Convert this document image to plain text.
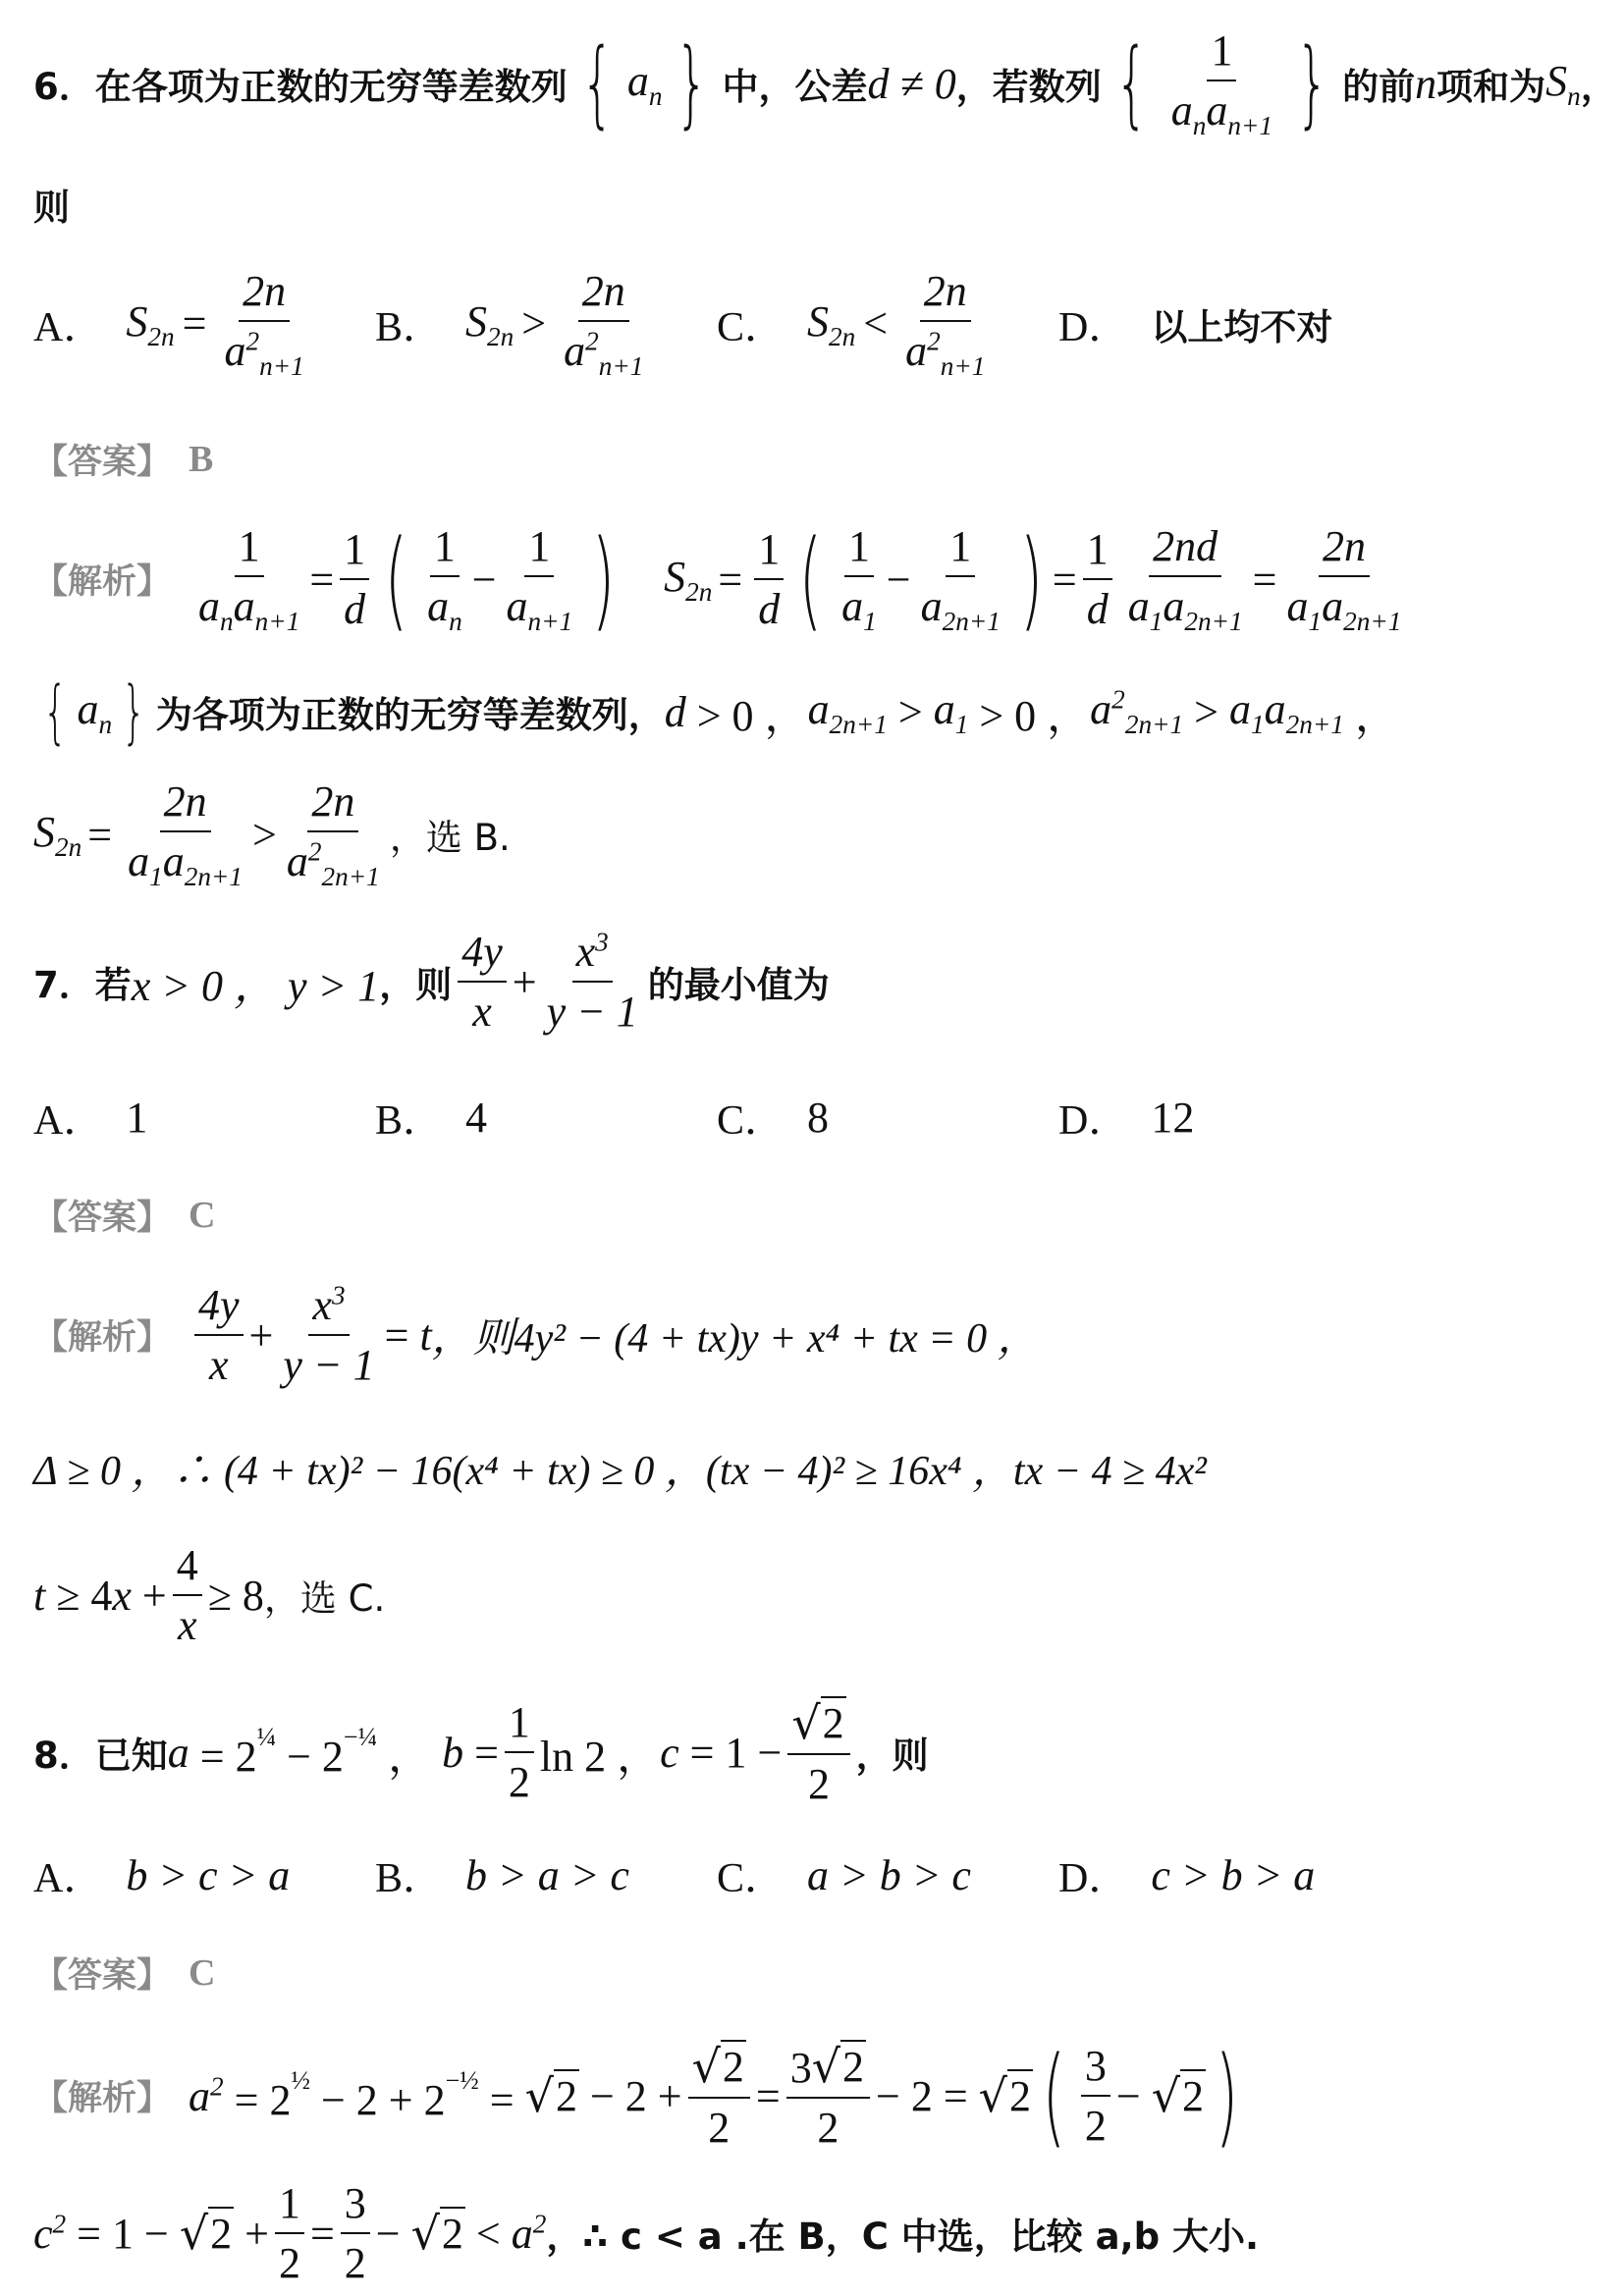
6．在各项为正数的无穷等差数列 { $a_n$ } 中，公差 d ≠ 0 ，若数列 { $\frac{1}{a_na_{n+1}}$ } 的前 n 项和为 $S_n$ ，
则
A． $S_{2n} = \frac{2n}{a^2_{n+1}}$ B． $S_{2n} > \frac{2n}{a^2_{n+1}}$ C． $S_{2n} < \frac{2n}{a^2_{n+1}}$ D． 以上均不对
【答案】 B
【解析】 $\frac{1}{a_na_{n+1}} = \frac{1}{d}$ ( $\frac{1}{a_n} - \frac{1}{a_{n+1}}$ ) $S_{2n} = \frac{1}{d}$ ( $\frac{1}{a_1} - \frac{1}{a_{2n+1}}$ ) = $\frac{1}{d} \frac{2nd}{a_1a_{2n+1}} = \frac{2n}{a_1a_{2n+1}}$
{ $a_n$ } 为各项为正数的无穷等差数列， d > 0 ， $a_{2n+1} > a_1 > 0$ ， $a^2_{2n+1} > a_1a_{2n+1}$ ，
$S_{2n} = \frac{2n}{a_1a_{2n+1}} > \frac{2n}{a^2_{2n+1}}$ ，选 B.
7．若 x > 0 ， y > 1 ，则 $\frac{4y}{x} + \frac{x^3}{y - 1}$ 的最小值为
A． 1	B． 4	C． 8	D． 12
【答案】 C
【解析】 $\frac{4y}{x} + \frac{x^3}{y - 1} = t$ ，则4y² − (4 + tx)y + x⁴ + tx = 0 ，
Δ ≥ 0 ，∴ (4 + tx)² − 16(x⁴ + tx) ≥ 0 ，(tx − 4)² ≥ 16x⁴ ，tx − 4 ≥ 4x²
t ≥ 4 $x + \frac{4}{x} \ge 8$ ，选 C.
8．已知 $a = 2^{\frac{1}{4}} - 2^{-\frac{1}{4}}$ ， $b = \frac{1}{2}$ ln 2 ， $c = 1 - \frac{√ 2}{2}$ ，则
A． b > c > a B． b > a > c C． a > b > c D． c > b > a
【答案】 C
【解析】 $a^2 = 2^{\frac{1}{2}} - 2 + 2^{-\frac{1}{2}}$ = √ $2 - 2 + \frac{√ 2}{2} = \frac{3 √ 2}{2} - 2$ = √ 2 ( $\frac{3}{2}$ − √ 2 )
$c^2 = 1$ − √ $2 + \frac{1}{2} = \frac{3}{2}$ − √ $2 < a^2$ ，∴ c < a .在 B，C 中选，比较 a,b 大小.
